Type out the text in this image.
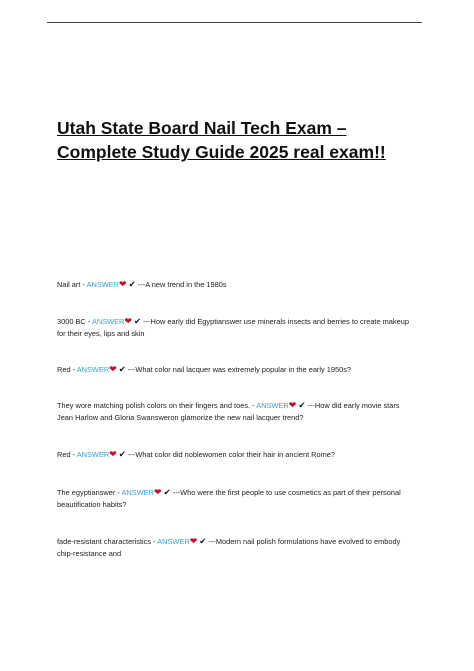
Utah State Board Nail Tech Exam – Complete Study Guide 2025 real exam!!
Nail art - ANSWER❤ ✔ ---A new trend in the 1980s
3000 BC - ANSWER❤ ✔ ---How early did Egyptianswer use minerals insects and berries to create makeup for their eyes, lips and skin
Red - ANSWER❤ ✔ ---What color nail lacquer was extremely popular in the early 1950s?
They wore matching polish colors on their fingers and toes. - ANSWER❤ ✔ ---How did early movie stars Jean Harlow and Gloria Swansweron glamorize the new nail lacquer trend?
Red - ANSWER❤ ✔ ---What color did noblewomen color their hair in ancient Rome?
The egyptianswer - ANSWER❤ ✔ ---Who were the first people to use cosmetics as part of their personal beautification habits?
fade-resistant characteristics - ANSWER❤ ✔ ---Modern nail polish formulations have evolved to embody chip-resistance and
